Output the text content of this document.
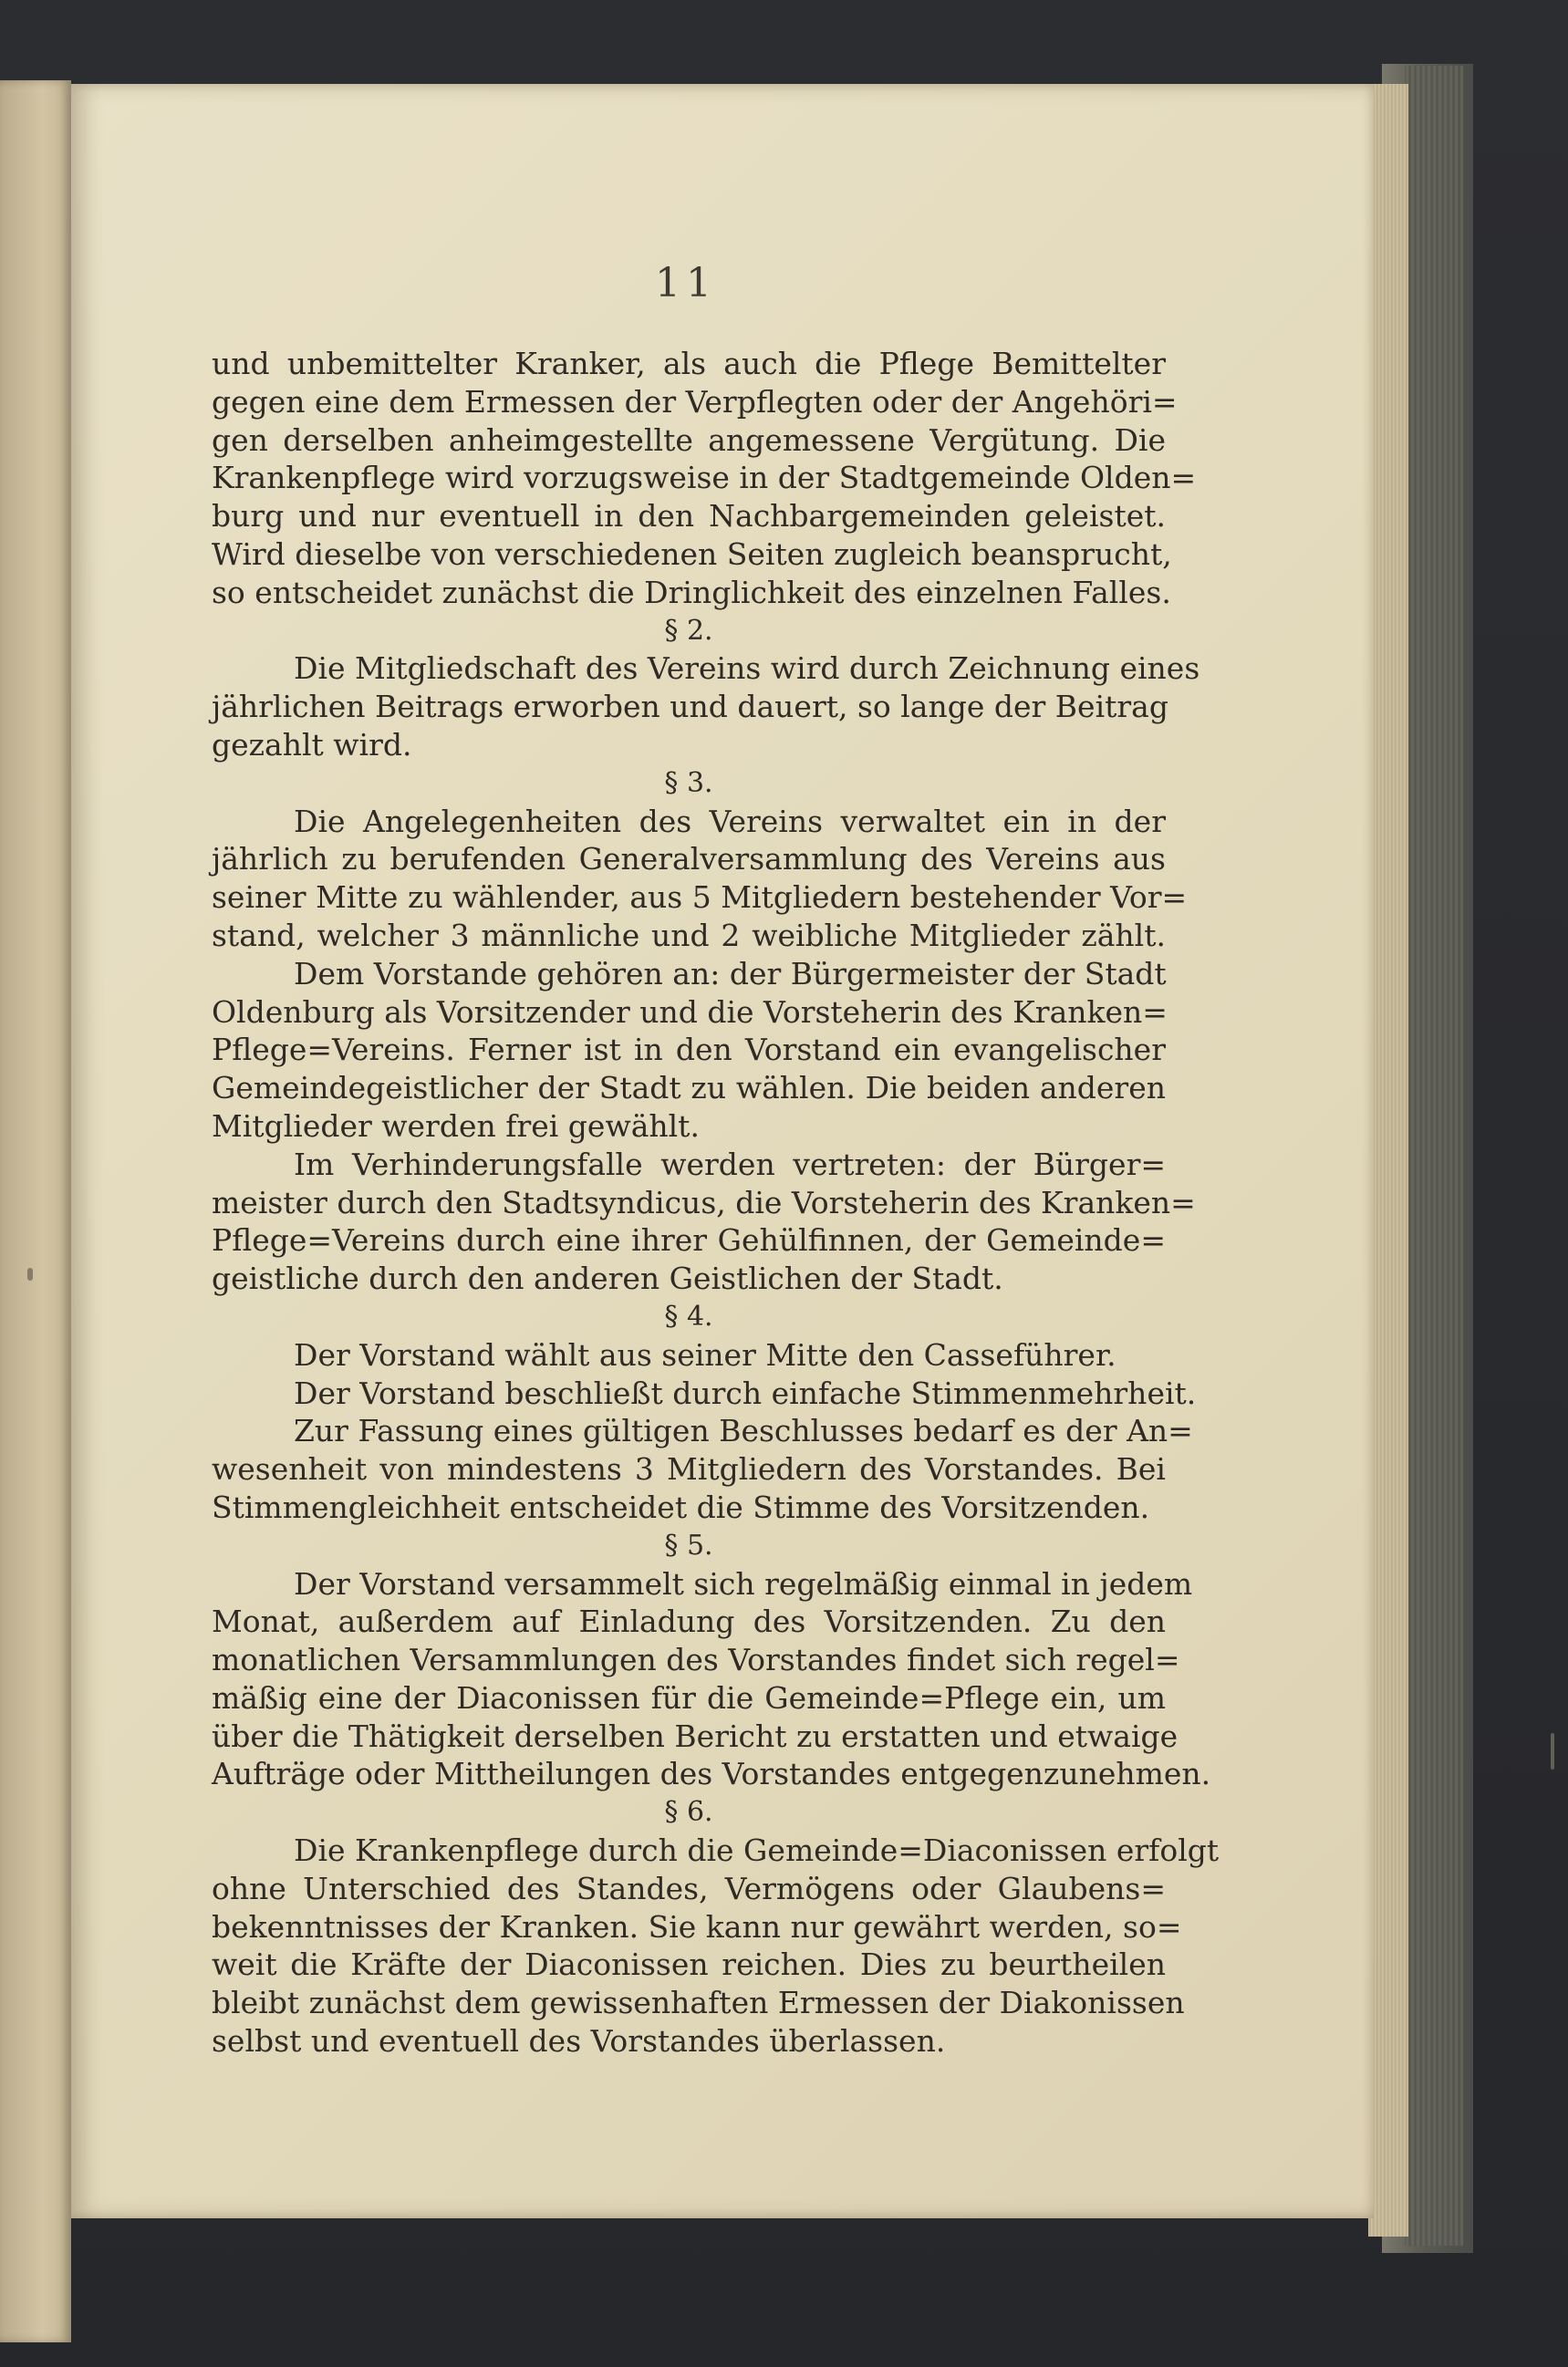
11
und unbemittelter Kranker, als auch die Pflege Bemittelter
gegen eine dem Ermessen der Verpflegten oder der Angehöri=
gen derselben anheimgestellte angemessene Vergütung. Die
Krankenpflege wird vorzugsweise in der Stadtgemeinde Olden=
burg und nur eventuell in den Nachbargemeinden geleistet.
Wird dieselbe von verschiedenen Seiten zugleich beansprucht,
so entscheidet zunächst die Dringlichkeit des einzelnen Falles.
§ 2.
Die Mitgliedschaft des Vereins wird durch Zeichnung eines
jährlichen Beitrags erworben und dauert, so lange der Beitrag
gezahlt wird.
§ 3.
Die Angelegenheiten des Vereins verwaltet ein in der
jährlich zu berufenden Generalversammlung des Vereins aus
seiner Mitte zu wählender, aus 5 Mitgliedern bestehender Vor=
stand, welcher 3 männliche und 2 weibliche Mitglieder zählt.
Dem Vorstande gehören an: der Bürgermeister der Stadt
Oldenburg als Vorsitzender und die Vorsteherin des Kranken=
Pflege=Vereins. Ferner ist in den Vorstand ein evangelischer
Gemeindegeistlicher der Stadt zu wählen. Die beiden anderen
Mitglieder werden frei gewählt.
Im Verhinderungsfalle werden vertreten: der Bürger=
meister durch den Stadtsyndicus, die Vorsteherin des Kranken=
Pflege=Vereins durch eine ihrer Gehülfinnen, der Gemeinde=
geistliche durch den anderen Geistlichen der Stadt.
§ 4.
Der Vorstand wählt aus seiner Mitte den Casseführer.
Der Vorstand beschließt durch einfache Stimmenmehrheit.
Zur Fassung eines gültigen Beschlusses bedarf es der An=
wesenheit von mindestens 3 Mitgliedern des Vorstandes. Bei
Stimmengleichheit entscheidet die Stimme des Vorsitzenden.
§ 5.
Der Vorstand versammelt sich regelmäßig einmal in jedem
Monat, außerdem auf Einladung des Vorsitzenden. Zu den
monatlichen Versammlungen des Vorstandes findet sich regel=
mäßig eine der Diaconissen für die Gemeinde=Pflege ein, um
über die Thätigkeit derselben Bericht zu erstatten und etwaige
Aufträge oder Mittheilungen des Vorstandes entgegenzunehmen.
§ 6.
Die Krankenpflege durch die Gemeinde=Diaconissen erfolgt
ohne Unterschied des Standes, Vermögens oder Glaubens=
bekenntnisses der Kranken. Sie kann nur gewährt werden, so=
weit die Kräfte der Diaconissen reichen. Dies zu beurtheilen
bleibt zunächst dem gewissenhaften Ermessen der Diakonissen
selbst und eventuell des Vorstandes überlassen.
